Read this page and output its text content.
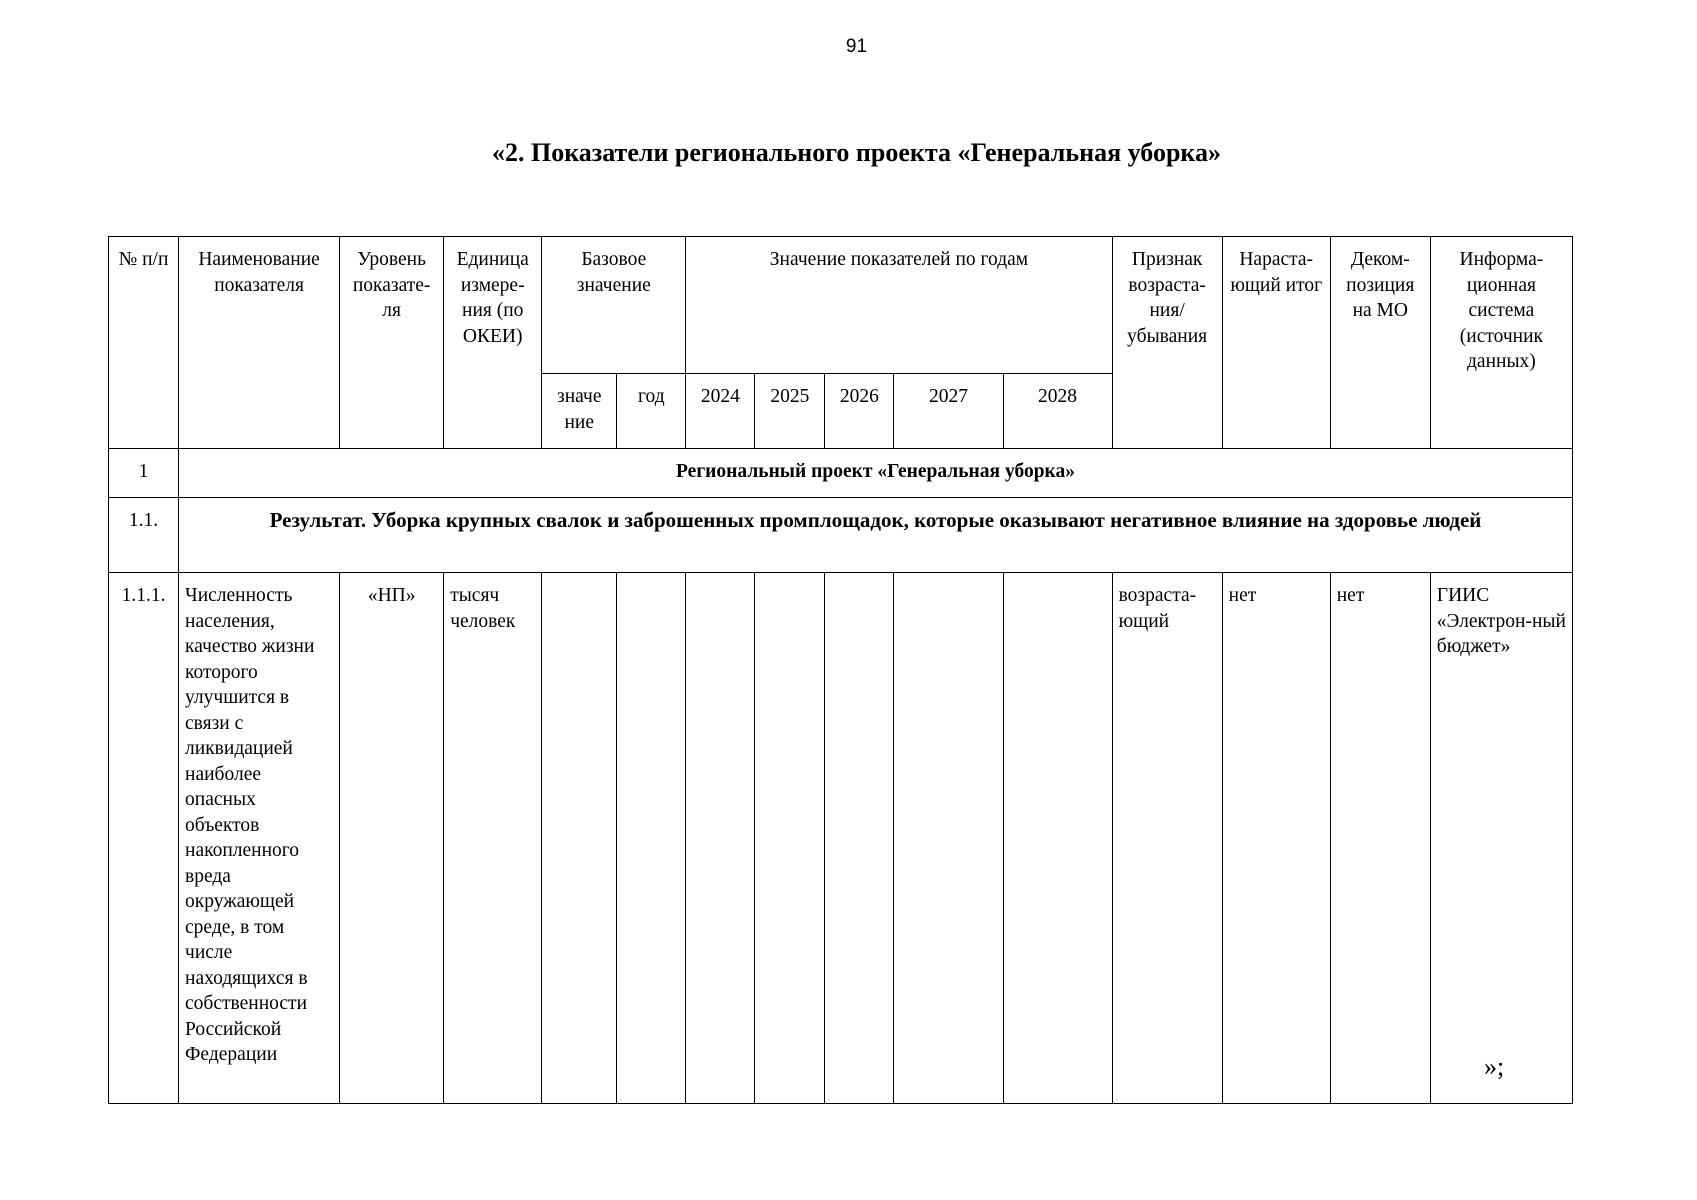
91
«2. Показатели регионального проекта «Генеральная уборка»
№ п/п	Наименование показателя	Уровень показате-ля	Единица измере-ния (по ОКЕИ)	Базовое значение		Значение показателей по годам					Признак возраста-ния/ убывания	Нараста-ющий итог	Деком-позиция на МО	Информа-ционная система (источник данных)
				значе ние	год	2024	2025	2026	2027	2028				
1	Региональный проект «Генеральная уборка»													
1.1.	Результат. Уборка крупных свалок и заброшенных промплощадок, которые оказывают негативное влияние на здоровье людей													
1.1.1.	Численность населения, качество жизни которого улучшится в связи с ликвидацией наиболее опасных объектов накопленного вреда окружающей среде, в том числе находящихся в собственности Российской Федерации	«НП»	тысяч человек								возраста-ющий	нет	нет	ГИИС «Электрон-ный бюджет»
»;
